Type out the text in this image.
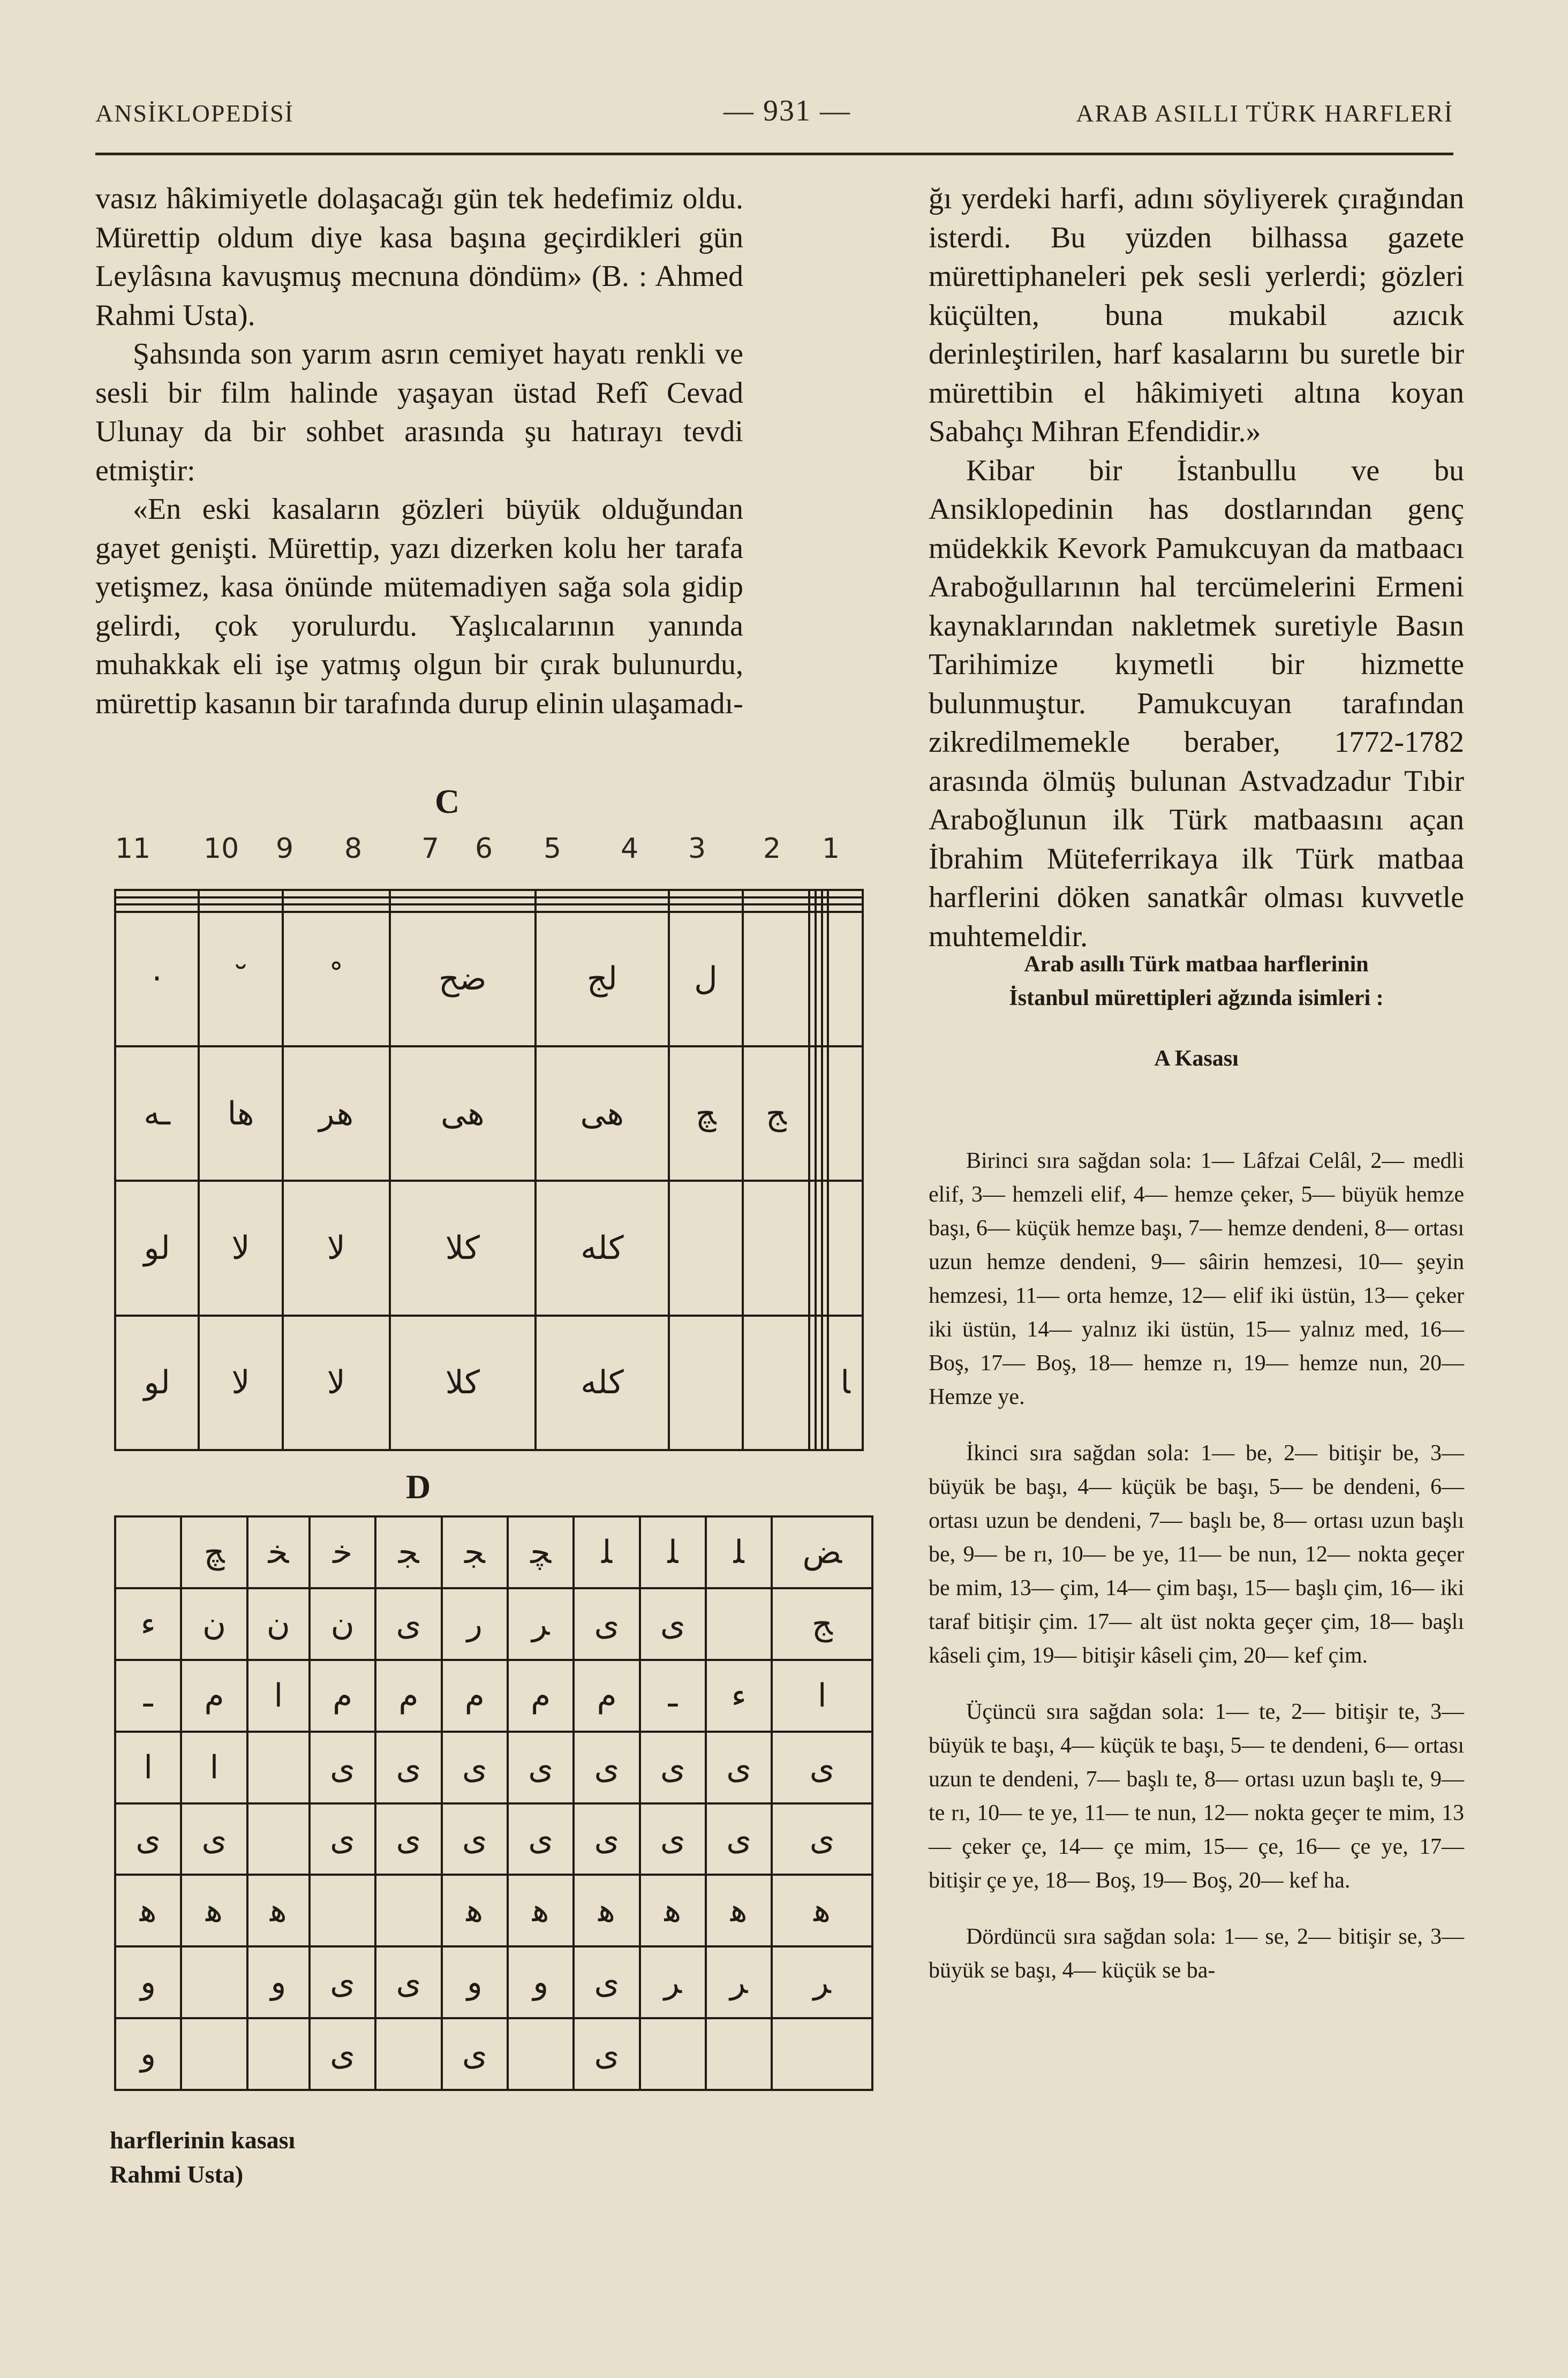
ANSİKLOPEDİSİ	— 931 —	ARAB ASILLI TÜRK HARFLERİ

vasız hâkimiyetle dolaşacağı gün tek hedefimiz oldu. Mürettip oldum diye kasa başına geçirdikleri gün Leylâsına kavuşmuş mecnuna döndüm» (B. : Ahmed Rahmi Usta).

Şahsında son yarım asrın cemiyet hayatı renkli ve sesli bir film halinde yaşayan üstad Refî Cevad Ulunay da bir sohbet arasında şu hatırayı tevdi etmiştir:

«En eski kasaların gözleri büyük olduğundan gayet genişti. Mürettip, yazı dizerken kolu her tarafa yetişmez, kasa önünde mütemadiyen sağa sola gidip gelirdi, çok yorulurdu. Yaşlıcalarının yanında muhakkak eli işe yatmış olgun bir çırak bulunurdu, mürettip kasanın bir tarafında durup elinin ulaşamadı-

ğı yerdeki harfi, adını söyliyerek çırağından isterdi. Bu yüzden bilhassa gazete mürettiphaneleri pek sesli yerlerdi; gözleri küçülten, buna mukabil azıcık derinleştirilen, harf kasalarını bu suretle bir mürettibin el hâkimiyeti altına koyan Sabahçı Mihran Efendidir.»

Kibar bir İstanbullu ve bu Ansiklopedinin has dostlarından genç müdekkik Kevork Pamukcuyan da matbaacı Araboğullarının hal tercümelerini Ermeni kaynaklarından nakletmek suretiyle Basın Tarihimize kıymetli bir hizmette bulunmuştur. Pamukcuyan tarafından zikredilmemekle beraber, 1772-1782 arasında ölmüş bulunan Astvadzadur Tıbir Araboğlunun ilk Türk matbaasını açan İbrahim Müteferrikaya ilk Türk matbaa harflerini döken sanatkâr olması kuvvetle muhtemeldir.

Arab asıllı Türk matbaa harflerinin

İstanbul mürettipleri ağzında isimleri :

A Kasası

Birinci sıra sağdan sola: 1— Lâfzai Celâl, 2— medli elif, 3— hemzeli elif, 4— hemze çeker, 5— büyük hemze başı, 6— küçük hemze başı, 7— hemze dendeni, 8— ortası uzun hemze dendeni, 9— sâirin hemzesi, 10— şeyin hemzesi, 11— orta hemze, 12— elif iki üstün, 13— çeker iki üstün, 14— yalnız iki üstün, 15— yalnız med, 16— Boş, 17— Boş, 18— hemze rı, 19— hemze nun, 20— Hemze ye.

İkinci sıra sağdan sola: 1— be, 2— bitişir be, 3— büyük be başı, 4— küçük be başı, 5— be dendeni, 6— ortası uzun be dendeni, 7— başlı be, 8— ortası uzun başlı be, 9— be rı, 10— be ye, 11— be nun, 12— nokta geçer be mim, 13— çim, 14— çim başı, 15— başlı çim, 16— iki taraf bitişir çim. 17— alt üst nokta geçer çim, 18— başlı kâseli çim, 19— bitişir kâseli çim, 20— kef çim.

Üçüncü sıra sağdan sola: 1— te, 2— bitişir te, 3— büyük te başı, 4— küçük te başı, 5— te dendeni, 6— ortası uzun te dendeni, 7— başlı te, 8— ortası uzun başlı te, 9— te rı, 10— te ye, 11— te nun, 12— nokta geçer te mim, 13— çeker çe, 14— çe mim, 15— çe, 16— çe ye, 17— bitişir çe ye, 18— Boş, 19— Boş, 20— kef ha.

Dördüncü sıra sağdan sola: 1— se, 2— bitişir se, 3— büyük se başı, 4— küçük se ba-

C
11 10 9 8 7 6 5 4 3 2 1

·	˘	˚	ضح	لج	ل					
ـﻪ	ها	هر	هى	هى	ﭻ	ﺞ				
لو	لا	لا	كلا	كله						
لو	لا	لا	كلا	كله						ﺎ
D
	ﭻ	ﺨ	ﺧ	ﺠ	ﺠ	ﭽ	ﻠ	ﻠ	ﻠ	ﺾ
ء	ن	ن	ن	ى	ر	ﺮ	ى	ى		ﺞ
ـ	م	ا	م	م	م	م	م	ـ	ﺀ	ا
ا	ا		ﻯ	ﻯ	ﻯ	ﻯ	ﻯ	ﻯ	ﻯ	ﻯ
ﻯ	ﻯ		ﻯ	ﻯ	ﻯ	ﻯ	ﻯ	ﻯ	ﻯ	ﻯ
ﻫ	ﻫ	ﻫ			ﻫ	ﻫ	ﻫ	ﻫ	ﻫ	ﻫ
و		ﻭ	ﻯ	ﻯ	ﻭ	ﻭ	ﻯ	ﺮ	ﺮ	ﺮ
ﻭ			ﻯ		ﻯ		ﻯ			
harflerinin kasası
Rahmi Usta)
